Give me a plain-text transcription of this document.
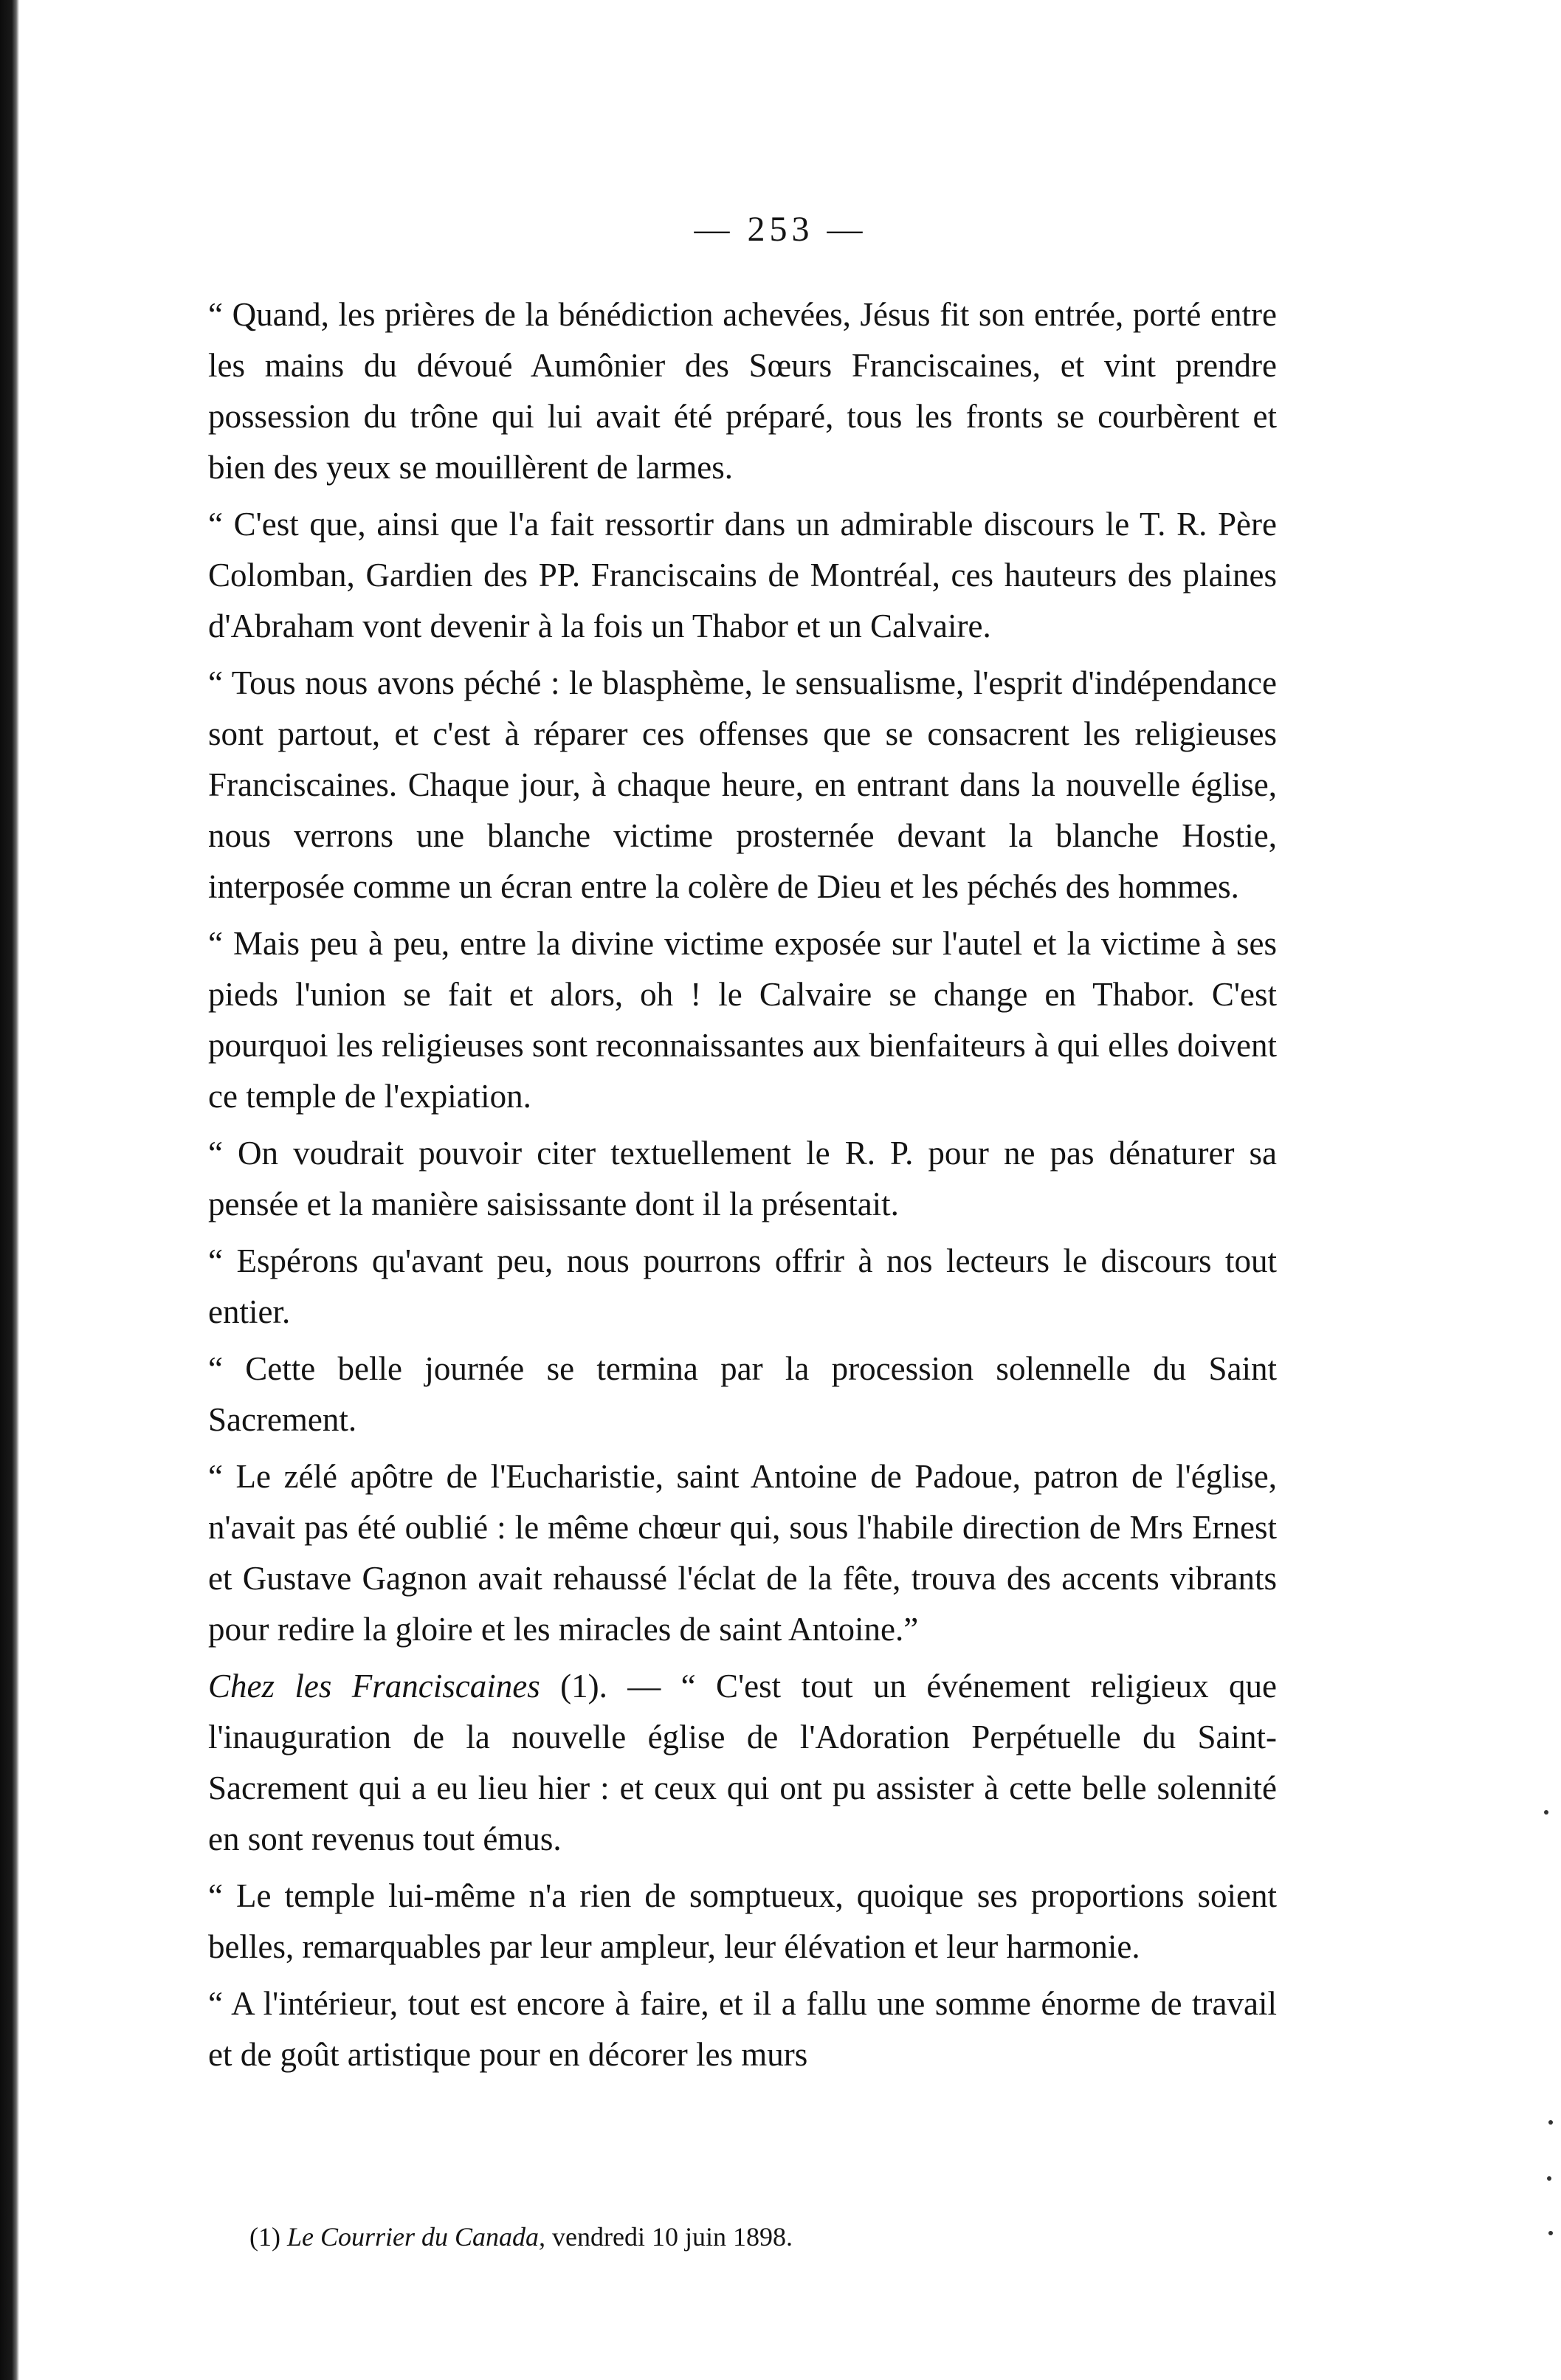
— 253 —

“ Quand, les prières de la bénédiction achevées, Jésus fit son entrée, porté entre les mains du dévoué Aumônier des Sœurs Franciscaines, et vint prendre possession du trône qui lui avait été préparé, tous les fronts se courbèrent et bien des yeux se mouillèrent de larmes.

“ C'est que, ainsi que l'a fait ressortir dans un admirable discours le T. R. Père Colomban, Gardien des PP. Franciscains de Montréal, ces hauteurs des plaines d'Abraham vont devenir à la fois un Thabor et un Calvaire.

“ Tous nous avons péché : le blasphème, le sensualisme, l'esprit d'indépendance sont partout, et c'est à réparer ces offenses que se consacrent les religieuses Franciscaines. Chaque jour, à chaque heure, en entrant dans la nouvelle église, nous verrons une blanche victime prosternée devant la blanche Hostie, interposée comme un écran entre la colère de Dieu et les péchés des hommes.

“ Mais peu à peu, entre la divine victime exposée sur l'autel et la victime à ses pieds l'union se fait et alors, oh ! le Calvaire se change en Thabor. C'est pourquoi les religieuses sont reconnaissantes aux bienfaiteurs à qui elles doivent ce temple de l'expiation.

“ On voudrait pouvoir citer textuellement le R. P. pour ne pas dénaturer sa pensée et la manière saisissante dont il la présentait.

“ Espérons qu'avant peu, nous pourrons offrir à nos lecteurs le discours tout entier.

“ Cette belle journée se termina par la procession solennelle du Saint Sacrement.

“ Le zélé apôtre de l'Eucharistie, saint Antoine de Padoue, patron de l'église, n'avait pas été oublié : le même chœur qui, sous l'habile direction de Mrs Ernest et Gustave Gagnon avait rehaussé l'éclat de la fête, trouva des accents vibrants pour redire la gloire et les miracles de saint Antoine.”

Chez les Franciscaines (1). — “ C'est tout un événement religieux que l'inauguration de la nouvelle église de l'Adoration Perpétuelle du Saint-Sacrement qui a eu lieu hier : et ceux qui ont pu assister à cette belle solennité en sont revenus tout émus.

“ Le temple lui-même n'a rien de somptueux, quoique ses proportions soient belles, remarquables par leur ampleur, leur élévation et leur harmonie.

“ A l'intérieur, tout est encore à faire, et il a fallu une somme énorme de travail et de goût artistique pour en décorer les murs

(1) Le Courrier du Canada, vendredi 10 juin 1898.
